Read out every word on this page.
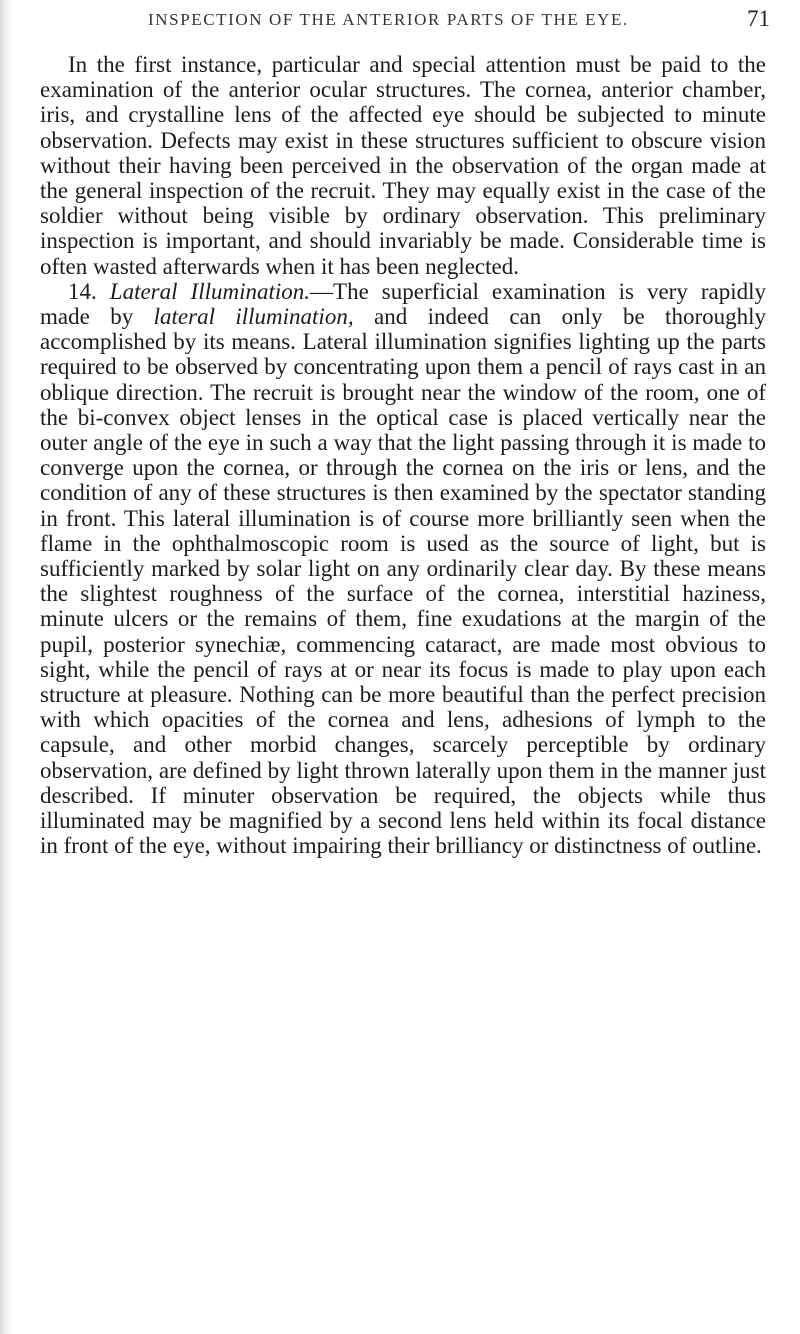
INSPECTION OF THE ANTERIOR PARTS OF THE EYE.	71

In the first instance, particular and special attention must be paid to the examination of the anterior ocular structures. The cornea, anterior chamber, iris, and crystalline lens of the affected eye should be subjected to minute observation. Defects may exist in these structures sufficient to obscure vision without their having been perceived in the observation of the organ made at the general inspection of the recruit. They may equally exist in the case of the soldier without being visible by ordinary observation. This preliminary inspection is important, and should invariably be made. Considerable time is often wasted afterwards when it has been neglected.

14. Lateral Illumination.—The superficial examination is very rapidly made by lateral illumination, and indeed can only be thoroughly accomplished by its means. Lateral illumination signifies lighting up the parts required to be observed by concentrating upon them a pencil of rays cast in an oblique direction. The recruit is brought near the window of the room, one of the bi-convex object lenses in the optical case is placed vertically near the outer angle of the eye in such a way that the light passing through it is made to converge upon the cornea, or through the cornea on the iris or lens, and the condition of any of these structures is then examined by the spectator standing in front. This lateral illumination is of course more brilliantly seen when the flame in the ophthalmoscopic room is used as the source of light, but is sufficiently marked by solar light on any ordinarily clear day. By these means the slightest roughness of the surface of the cornea, interstitial haziness, minute ulcers or the remains of them, fine exudations at the margin of the pupil, posterior synechiæ, commencing cataract, are made most obvious to sight, while the pencil of rays at or near its focus is made to play upon each structure at pleasure. Nothing can be more beautiful than the perfect precision with which opacities of the cornea and lens, adhesions of lymph to the capsule, and other morbid changes, scarcely perceptible by ordinary observation, are defined by light thrown laterally upon them in the manner just described. If minuter observation be required, the objects while thus illuminated may be magnified by a second lens held within its focal distance in front of the eye, without impairing their brilliancy or distinctness of outline.
